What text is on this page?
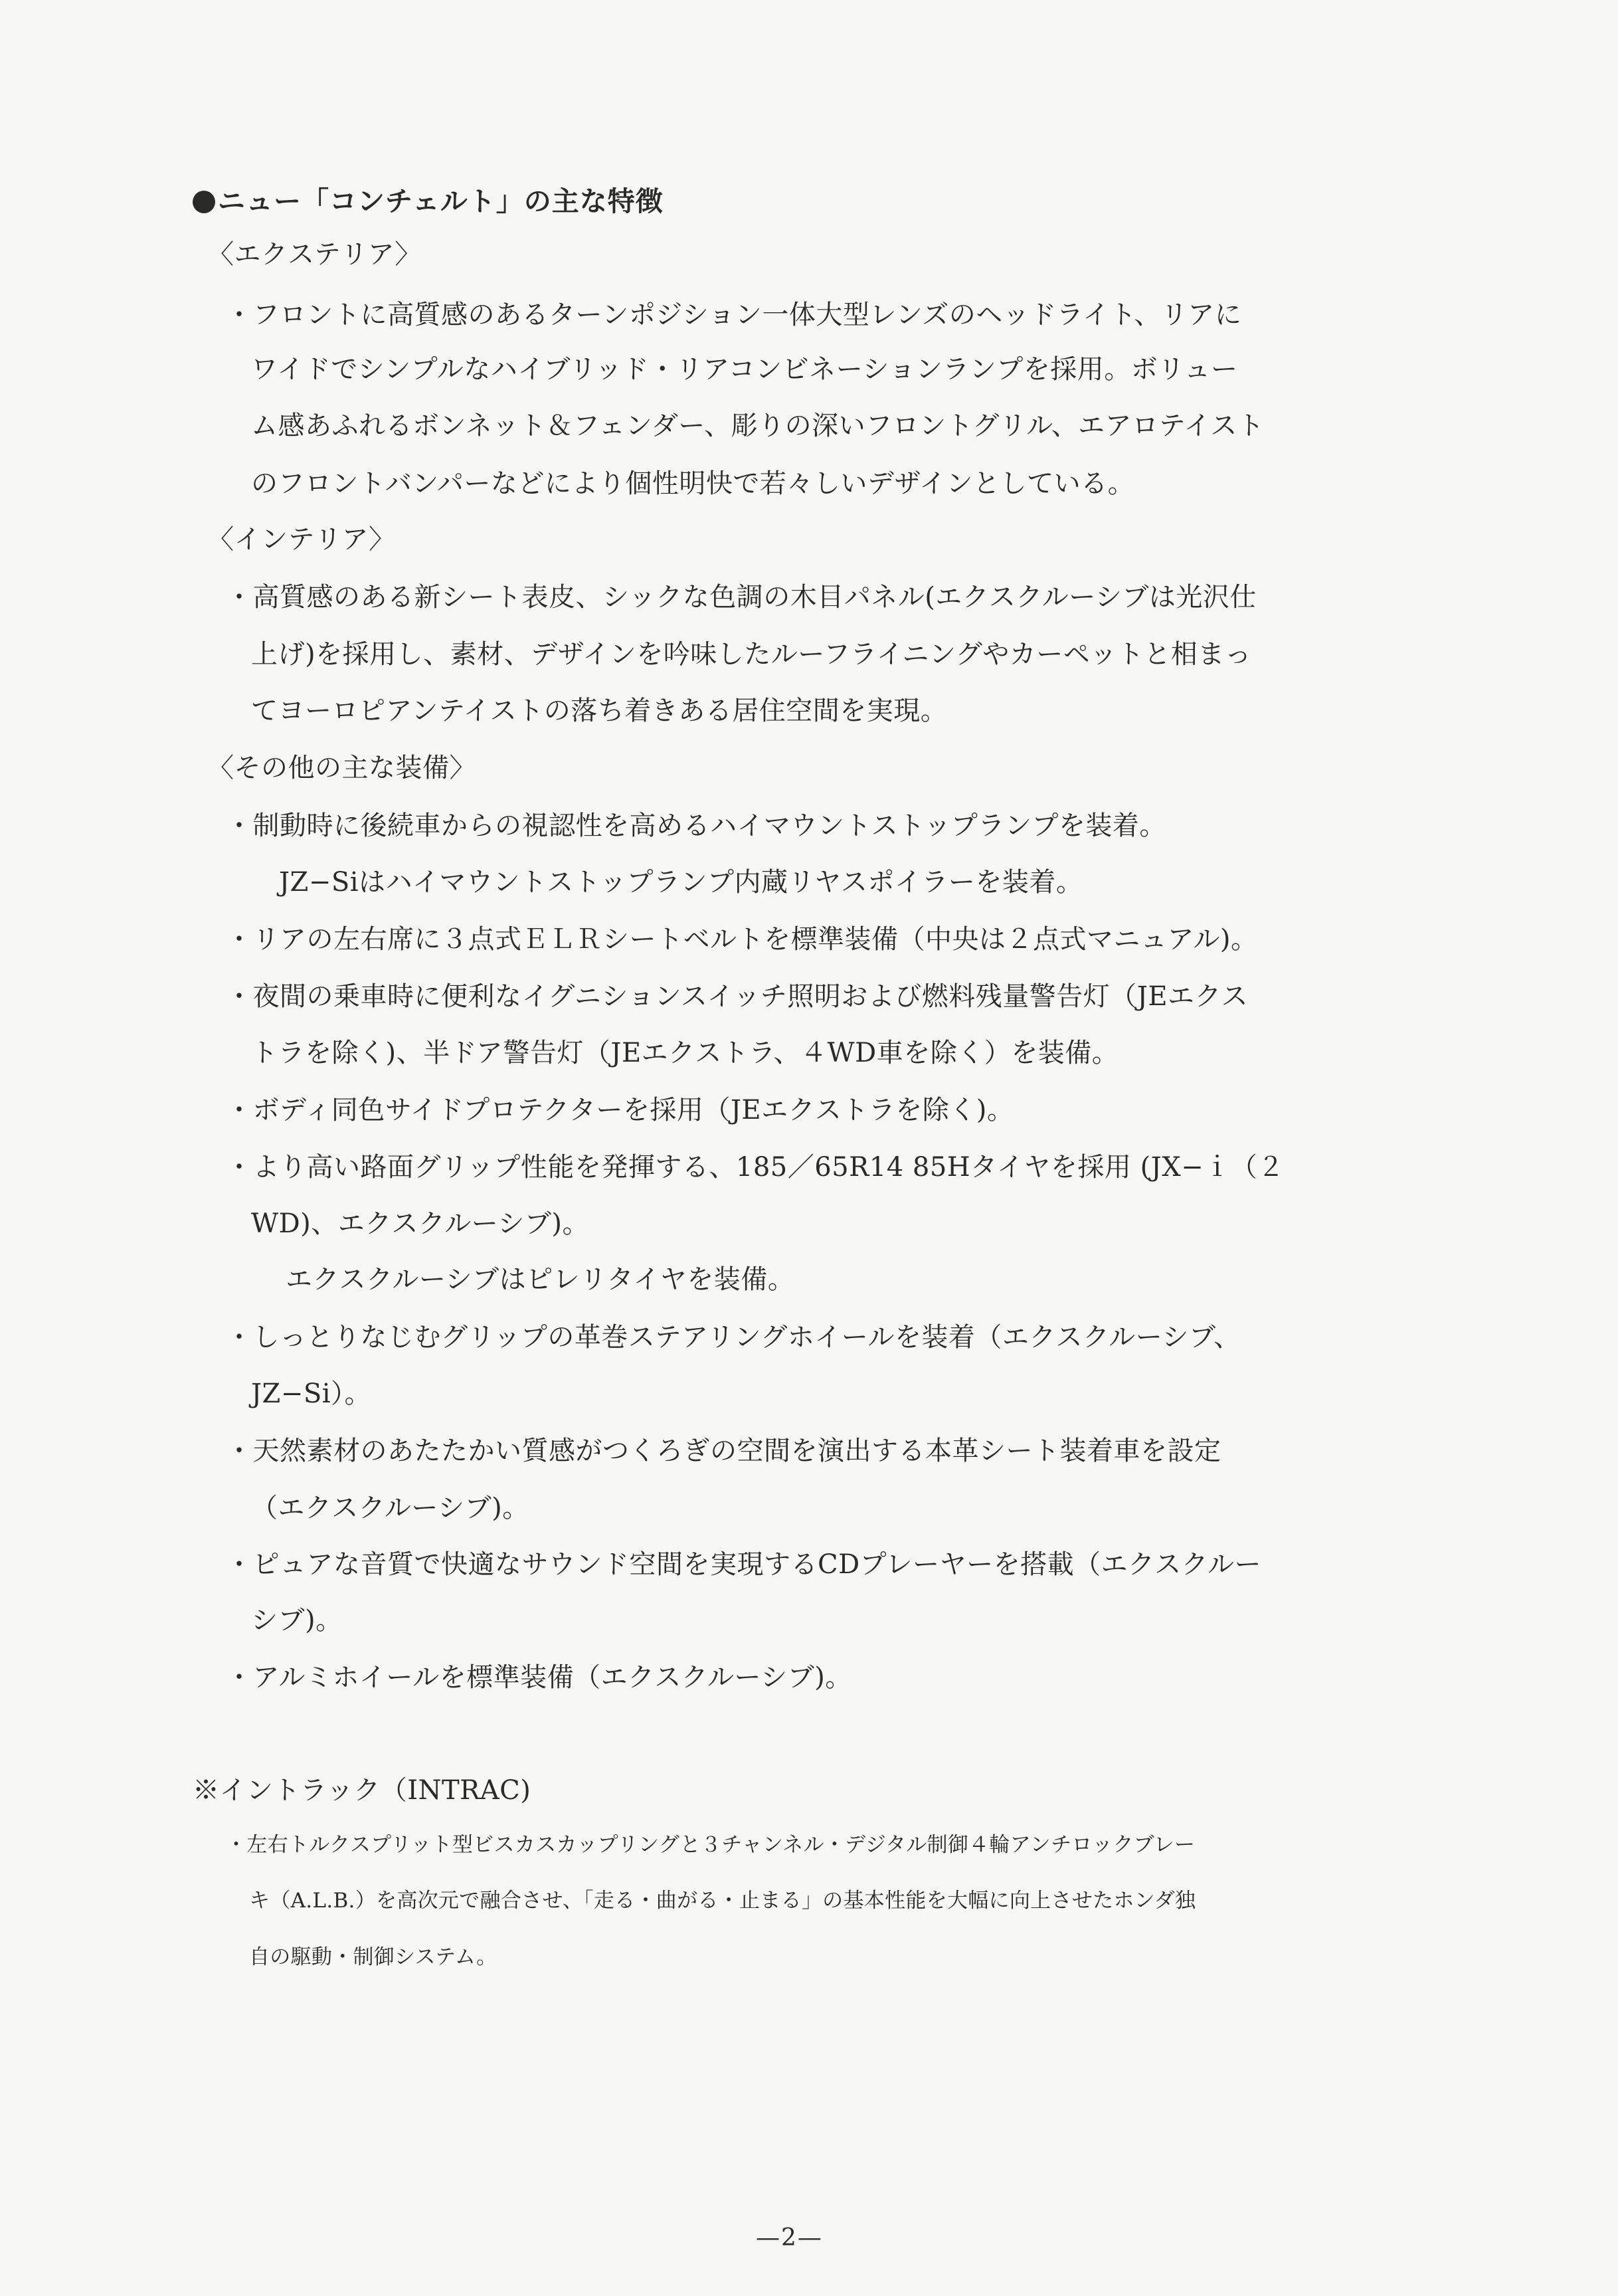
ニュー「コンチェルト」の主な特徴
〈エクステリア〉
・フロントに高質感のあるターンポジション一体大型レンズのヘッドライト、リアに
ワイドでシンプルなハイブリッド・リアコンビネーションランプを採用。ボリュー
ム感あふれるボンネット＆フェンダー、彫りの深いフロントグリル、エアロテイスト
のフロントバンパーなどにより個性明快で若々しいデザインとしている。
〈インテリア〉
・高質感のある新シート表皮、シックな色調の木目パネル(エクスクルーシブは光沢仕
上げ)を採用し、素材、デザインを吟味したルーフライニングやカーペットと相まっ
てヨーロピアンテイストの落ち着きある居住空間を実現。
〈その他の主な装備〉
・制動時に後続車からの視認性を高めるハイマウントストップランプを装着。
JZ−Siはハイマウントストップランプ内蔵リヤスポイラーを装着。
・リアの左右席に３点式ＥＬＲシートベルトを標準装備（中央は２点式マニュアル)。
・夜間の乗車時に便利なイグニションスイッチ照明および燃料残量警告灯（JEエクス
トラを除く)、半ドア警告灯（JEエクストラ、４WD車を除く）を装備。
・ボディ同色サイドプロテクターを採用（JEエクストラを除く)。
・より高い路面グリップ性能を発揮する、185／65R14 85Hタイヤを採用 (JX−ｉ（２
WD)、エクスクルーシブ)。
エクスクルーシブはピレリタイヤを装備。
・しっとりなじむグリップの革巻ステアリングホイールを装着（エクスクルーシブ、
JZ−Si）。
・天然素材のあたたかい質感がつくろぎの空間を演出する本革シート装着車を設定
（エクスクルーシブ)。
・ピュアな音質で快適なサウンド空間を実現するCDプレーヤーを搭載（エクスクルー
シブ)。
・アルミホイールを標準装備（エクスクルーシブ)。
※イントラック（INTRAC)
・左右トルクスプリット型ビスカスカップリングと３チャンネル・デジタル制御４輪アンチロックブレー
キ（A.L.B.）を高次元で融合させ、「走る・曲がる・止まる」の基本性能を大幅に向上させたホンダ独
自の駆動・制御システム。
—2—
